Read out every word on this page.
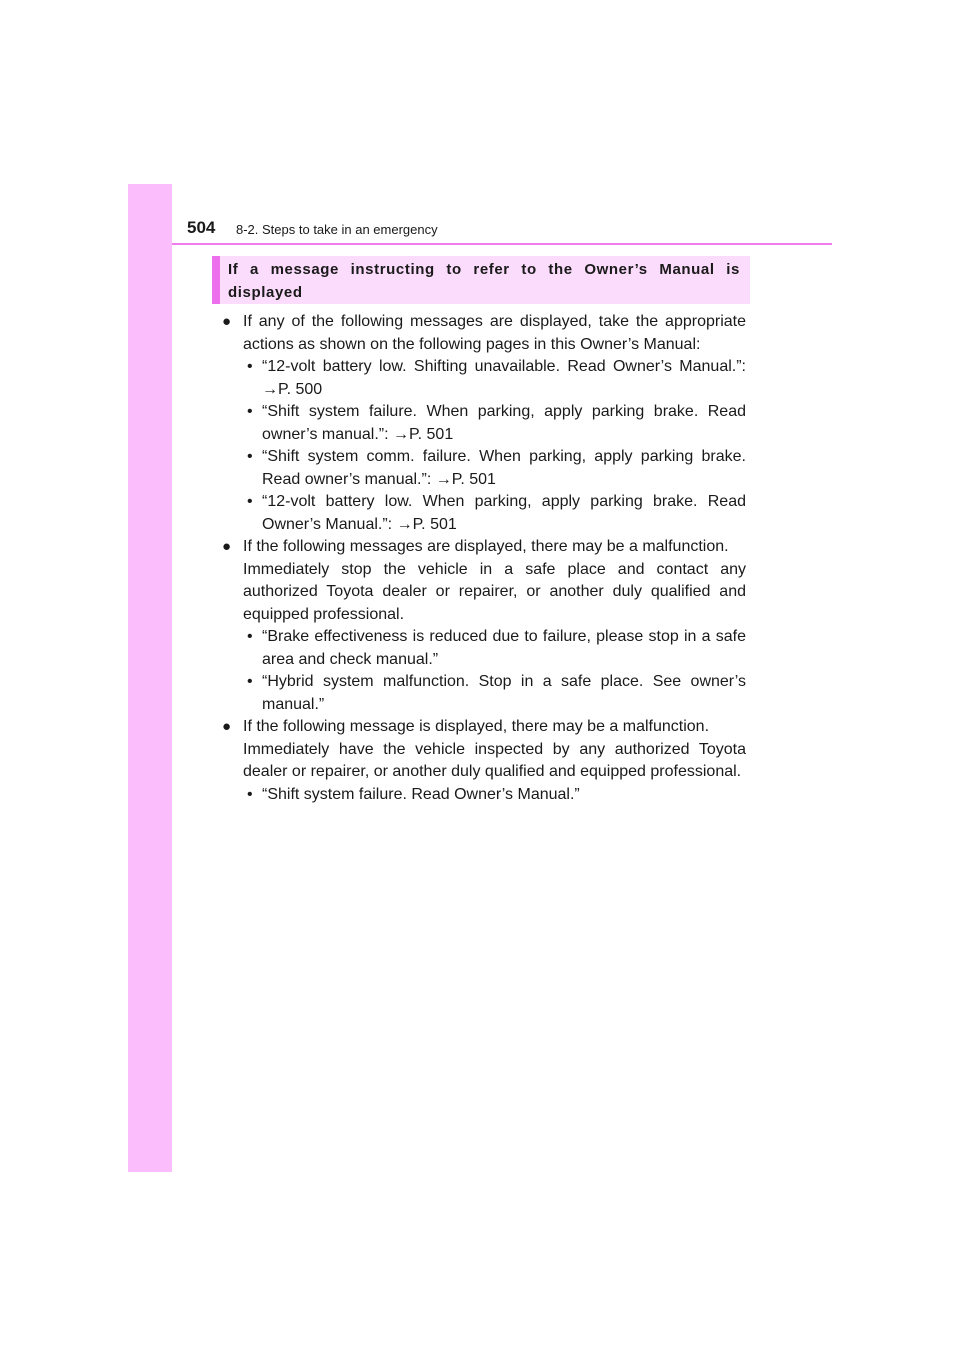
504 8-2. Steps to take in an emergency
If a message instructing to refer to the Owner’s Manual is displayed
● If any of the following messages are displayed, take the appropriate actions as shown on the following pages in this Owner’s Manual:
• “12-volt battery low. Shifting unavailable. Read Owner’s Manual.”: →P. 500
• “Shift system failure. When parking, apply parking brake. Read owner’s manual.”: →P. 501
• “Shift system comm. failure. When parking, apply parking brake. Read owner’s manual.”: →P. 501
• “12-volt battery low. When parking, apply parking brake. Read Owner’s Manual.”: →P. 501
● If the following messages are displayed, there may be a malfunction.
Immediately stop the vehicle in a safe place and contact any authorized Toyota dealer or repairer, or another duly qualified and equipped professional.
• “Brake effectiveness is reduced due to failure, please stop in a safe area and check manual.”
• “Hybrid system malfunction. Stop in a safe place. See owner’s manual.”
● If the following message is displayed, there may be a malfunction.
Immediately have the vehicle inspected by any authorized Toyota dealer or repairer, or another duly qualified and equipped professional.
• “Shift system failure. Read Owner’s Manual.”
